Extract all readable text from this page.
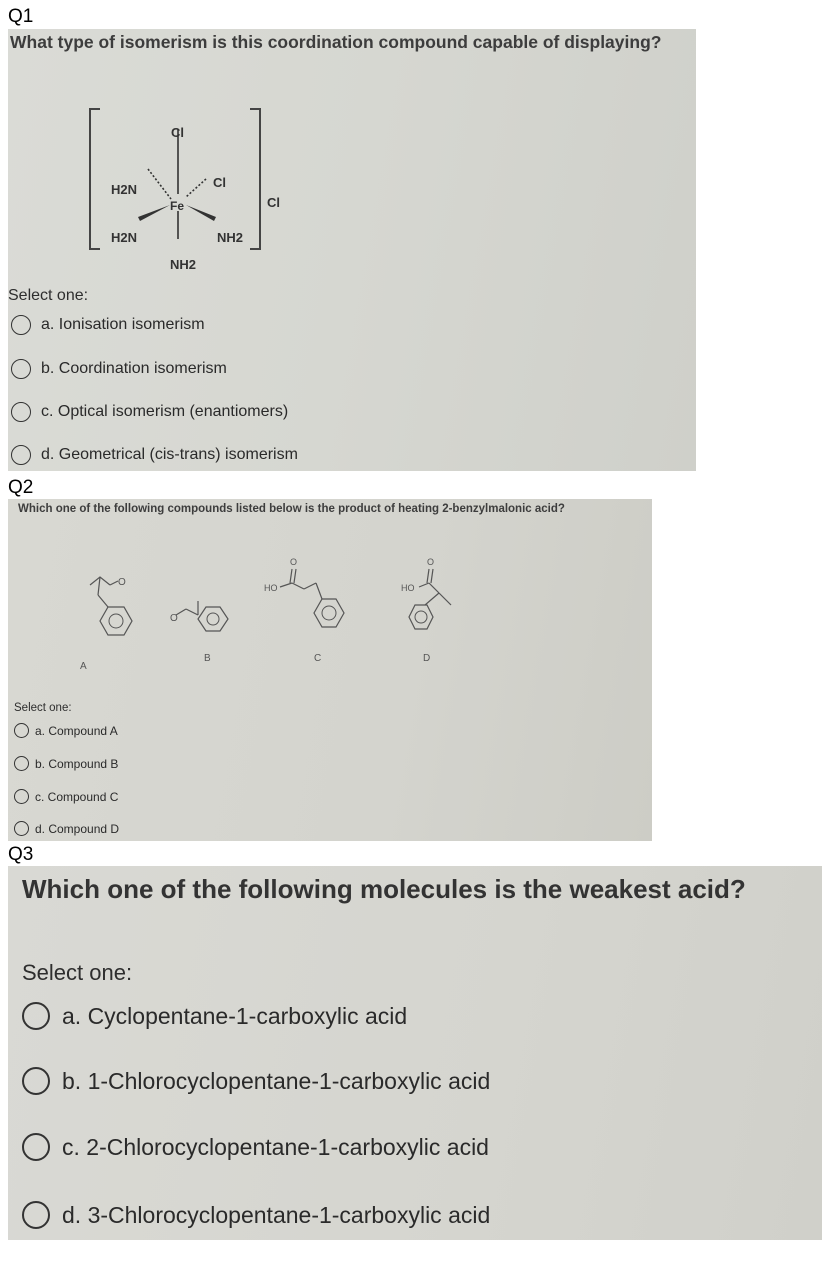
Q1
What type of isomerism is this coordination compound capable of displaying?
Cl
Cl
H2N
Fe
H2N	NH2
NH2
Cl
Select one:
a. Ionisation isomerism
b. Coordination isomerism
c. Optical isomerism (enantiomers)
d. Geometrical (cis-trans) isomerism
Q2
Which one of the following compounds listed below is the product of heating 2-benzylmalonic acid?
O
A
O
B
O
HO
C
O
HO
D
Select one:
a. Compound A
b. Compound B
c. Compound C
d. Compound D
Q3
Which one of the following molecules is the weakest acid?
Select one:
a. Cyclopentane-1-carboxylic acid
b. 1-Chlorocyclopentane-1-carboxylic acid
c. 2-Chlorocyclopentane-1-carboxylic acid
d. 3-Chlorocyclopentane-1-carboxylic acid
